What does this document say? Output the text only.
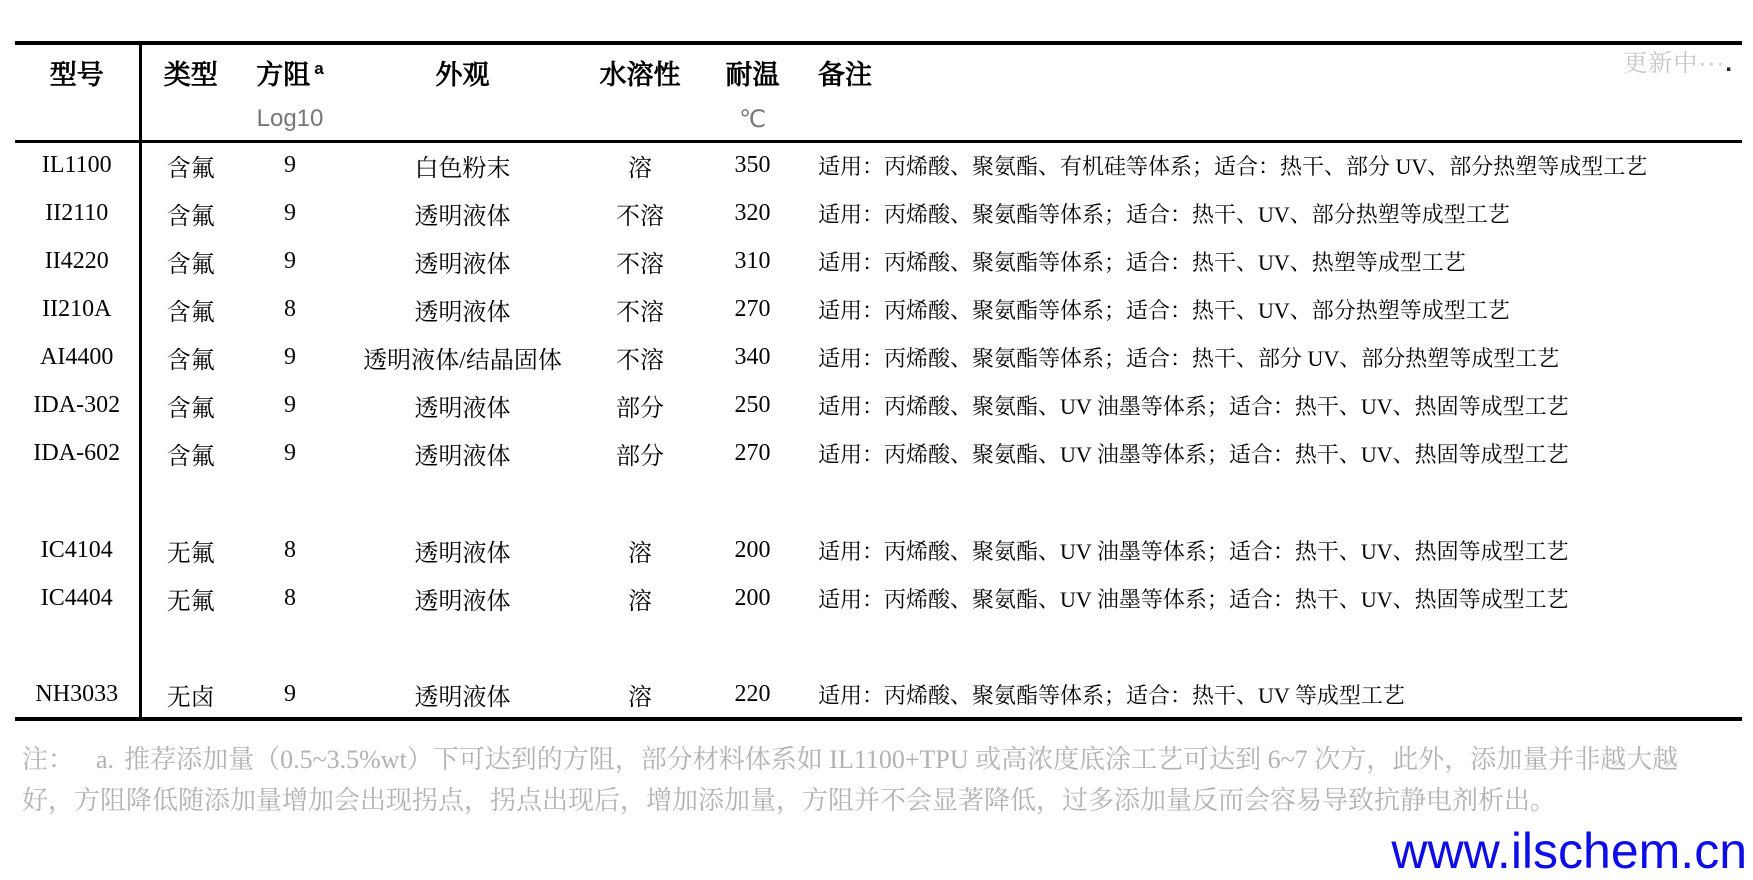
更新中···.
型号	类型	方阻 $^a$	外观	水溶性	耐温	备注
		Log10			℃	
IL1100	含氟	9	白色粉末	溶	350	适用：丙烯酸、聚氨酯、有机硅等体系；适合：热干、部分 UV、部分热塑等成型工艺
II2110	含氟	9	透明液体	不溶	320	适用：丙烯酸、聚氨酯等体系；适合：热干、UV、部分热塑等成型工艺
II4220	含氟	9	透明液体	不溶	310	适用：丙烯酸、聚氨酯等体系；适合：热干、UV、热塑等成型工艺
II210A	含氟	8	透明液体	不溶	270	适用：丙烯酸、聚氨酯等体系；适合：热干、UV、部分热塑等成型工艺
AI4400	含氟	9	透明液体/结晶固体	不溶	340	适用：丙烯酸、聚氨酯等体系；适合：热干、部分 UV、部分热塑等成型工艺
IDA-302	含氟	9	透明液体	部分	250	适用：丙烯酸、聚氨酯、UV 油墨等体系；适合：热干、UV、热固等成型工艺
IDA-602	含氟	9	透明液体	部分	270	适用：丙烯酸、聚氨酯、UV 油墨等体系；适合：热干、UV、热固等成型工艺

IC4104	无氟	8	透明液体	溶	200	适用：丙烯酸、聚氨酯、UV 油墨等体系；适合：热干、UV、热固等成型工艺
IC4404	无氟	8	透明液体	溶	200	适用：丙烯酸、聚氨酯、UV 油墨等体系；适合：热干、UV、热固等成型工艺

NH3033	无卤	9	透明液体	溶	220	适用：丙烯酸、聚氨酯等体系；适合：热干、UV 等成型工艺

注： a. 推荐添加量（0.5~3.5%wt）下可达到的方阻，部分材料体系如 IL1100+TPU 或高浓度底涂工艺可达到 6~7 次方，此外，添加量并非越大越好，方阻降低随添加量增加会出现拐点，拐点出现后，增加添加量，方阻并不会显著降低，过多添加量反而会容易导致抗静电剂析出。

www.ilschem.cn
